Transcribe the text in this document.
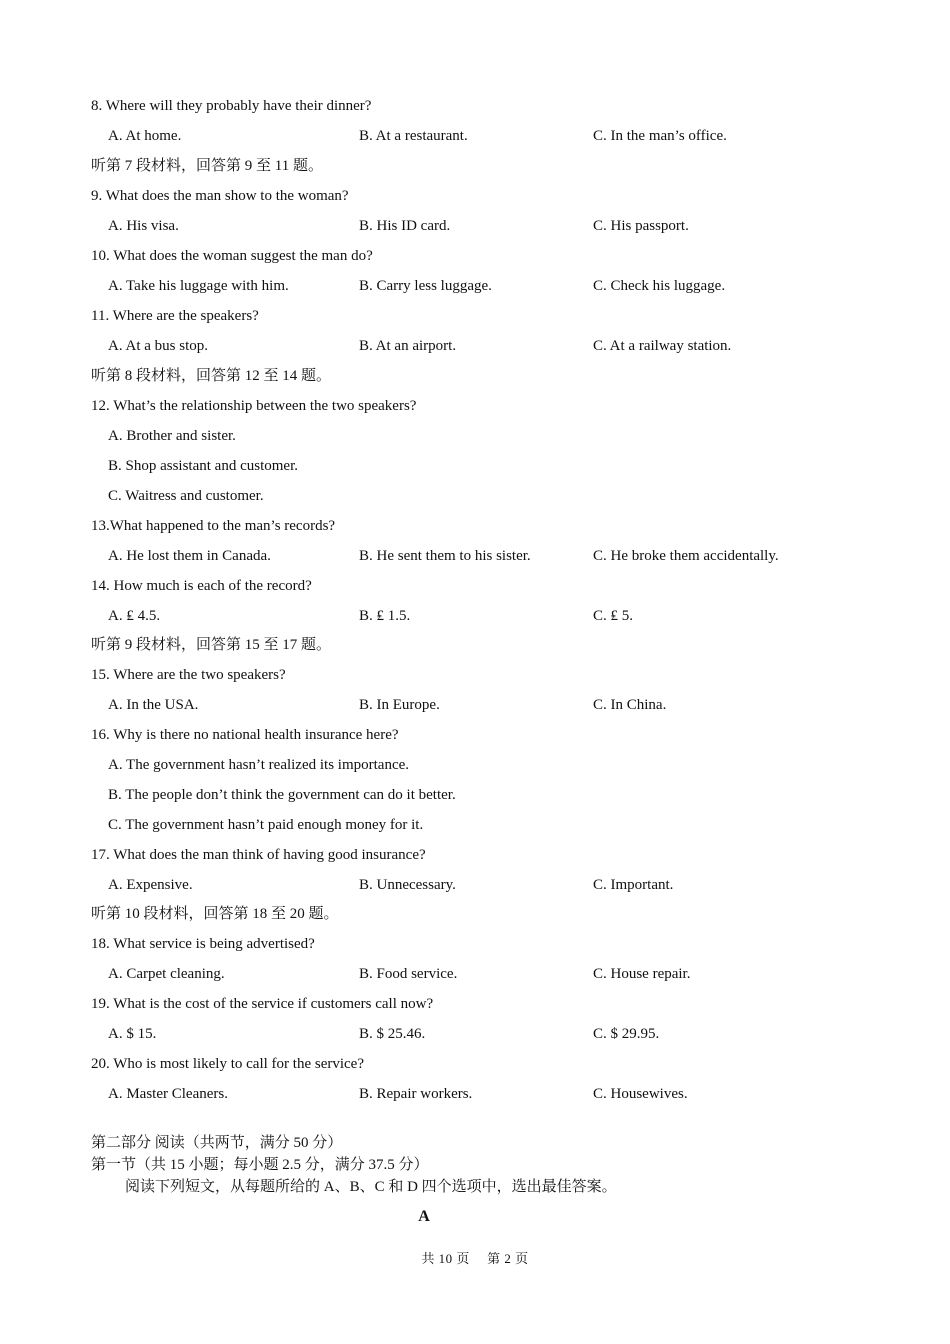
8. Where will they probably have their dinner?
A. At home.	B. At a restaurant.	C. In the man’s office.
听第 7 段材料，回答第 9 至 11 题。
9. What does the man show to the woman?
A. His visa.	B. His ID card.	C. His passport.
10. What does the woman suggest the man do?
A. Take his luggage with him.	B. Carry less luggage.	C. Check his luggage.
11. Where are the speakers?
A. At a bus stop.	B. At an airport.	C. At a railway station.
听第 8 段材料，回答第 12 至 14 题。
12. What’s the relationship between the two speakers?
A. Brother and sister.
B. Shop assistant and customer.
C. Waitress and customer.
13.What happened to the man’s records?
A. He lost them in Canada.	B. He sent them to his sister.	C. He broke them accidentally.
14. How much is each of the record?
A. ₤ 4.5.	B. ₤ 1.5.	C. ₤ 5.
听第 9 段材料，回答第 15 至 17 题。
15. Where are the two speakers?
A. In the USA.	B. In Europe.	C. In China.
16. Why is there no national health insurance here?
A. The government hasn’t realized its importance.
B. The people don’t think the government can do it better.
C. The government hasn’t paid enough money for it.
17. What does the man think of having good insurance?
A. Expensive.	B. Unnecessary.	C. Important.
听第 10 段材料，回答第 18 至 20 题。
18. What service is being advertised?
A. Carpet cleaning.	B. Food service.	C. House repair.
19. What is the cost of the service if customers call now?
A. $ 15.	B. $ 25.46.	C. $ 29.95.
20. Who is most likely to call for the service?
A. Master Cleaners.	B. Repair workers.	C. Housewives.
第二部分 阅读（共两节，满分 50 分）
第一节（共 15 小题；每小题 2.5 分，满分 37.5 分）
阅读下列短文，从每题所给的 A、B、C 和 D 四个选项中，选出最佳答案。
A
共 10 页　 第 2 页
